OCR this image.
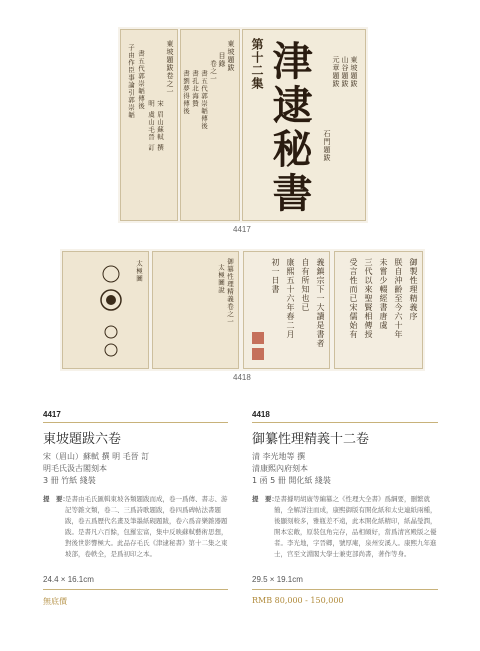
東坡題跋卷之一
宋 眉山蘇軾 撰
明 虞山毛晉 訂
書五代郭崇韜傳後
子由作臣事論引郭崇韜	東坡題跋
目錄
卷之一
書五代郭崇韜傳後
書孔北海贊
書劉夢得傳後 津逮秘書
第十二集	東坡題跋
山谷題跋
元章題跋
石門題跋
4417
太極圖	御纂性理精義卷之一
太極圖說	義鎮宗下一大讀是書者
自有所知也已
康熙五十六年春二月
初一日書	御製性理精義序
朕自沖齡至今六十年
未嘗少輟經書唐虞
三代以來聖賢相傳授
受言性而已宋儒始有
4418
4417
東坡題跋六卷
宋（眉山）蘇軾 撰 明 毛晉 訂
明毛氏汲古閣刻本
3 冊 竹紙 綫裝
提　要：
是書由毛氏匯輯東坡各類題跋而成，卷一爲傳、書志、游記等雜文類，卷二、三爲詩歌題跋，卷四爲碑帖法書題跋，卷五爲歷代名畫及筆墨紙硯題跋，卷六爲音樂雜器題跋。是書凡六百餘，包羅宏富，集中反映蘇軾藝術思想，對後世影響極大。此品存毛氏《津逮秘書》第十二集之東坡部，卷帙全，是爲初印之本。
24.4 × 16.1cm
無底價
4418
御纂性理精義十二卷
清 李光地等 撰
清康熙內府刻本
1 函 5 冊 開化紙 綫裝
提　要：
是書據明胡廣等編纂之《性理大全書》爲綱要，刪繁就簡，全解詳注而成，康熙御版有開化紙和太史連紙兩種，後顯刻較多，雅瓶差不遠，此本開化紙精印，紙晶瑩潤，開本宏敞，原裝包角完存，品相頗好，當爲清宮殿版之優者。李光地，字晉卿，號厚庵，泉州安溪人。康熙九年進士，官至文淵閣大學士兼吏部尚書，著作等身。
29.5 × 19.1cm
RMB 80,000 - 150,000
